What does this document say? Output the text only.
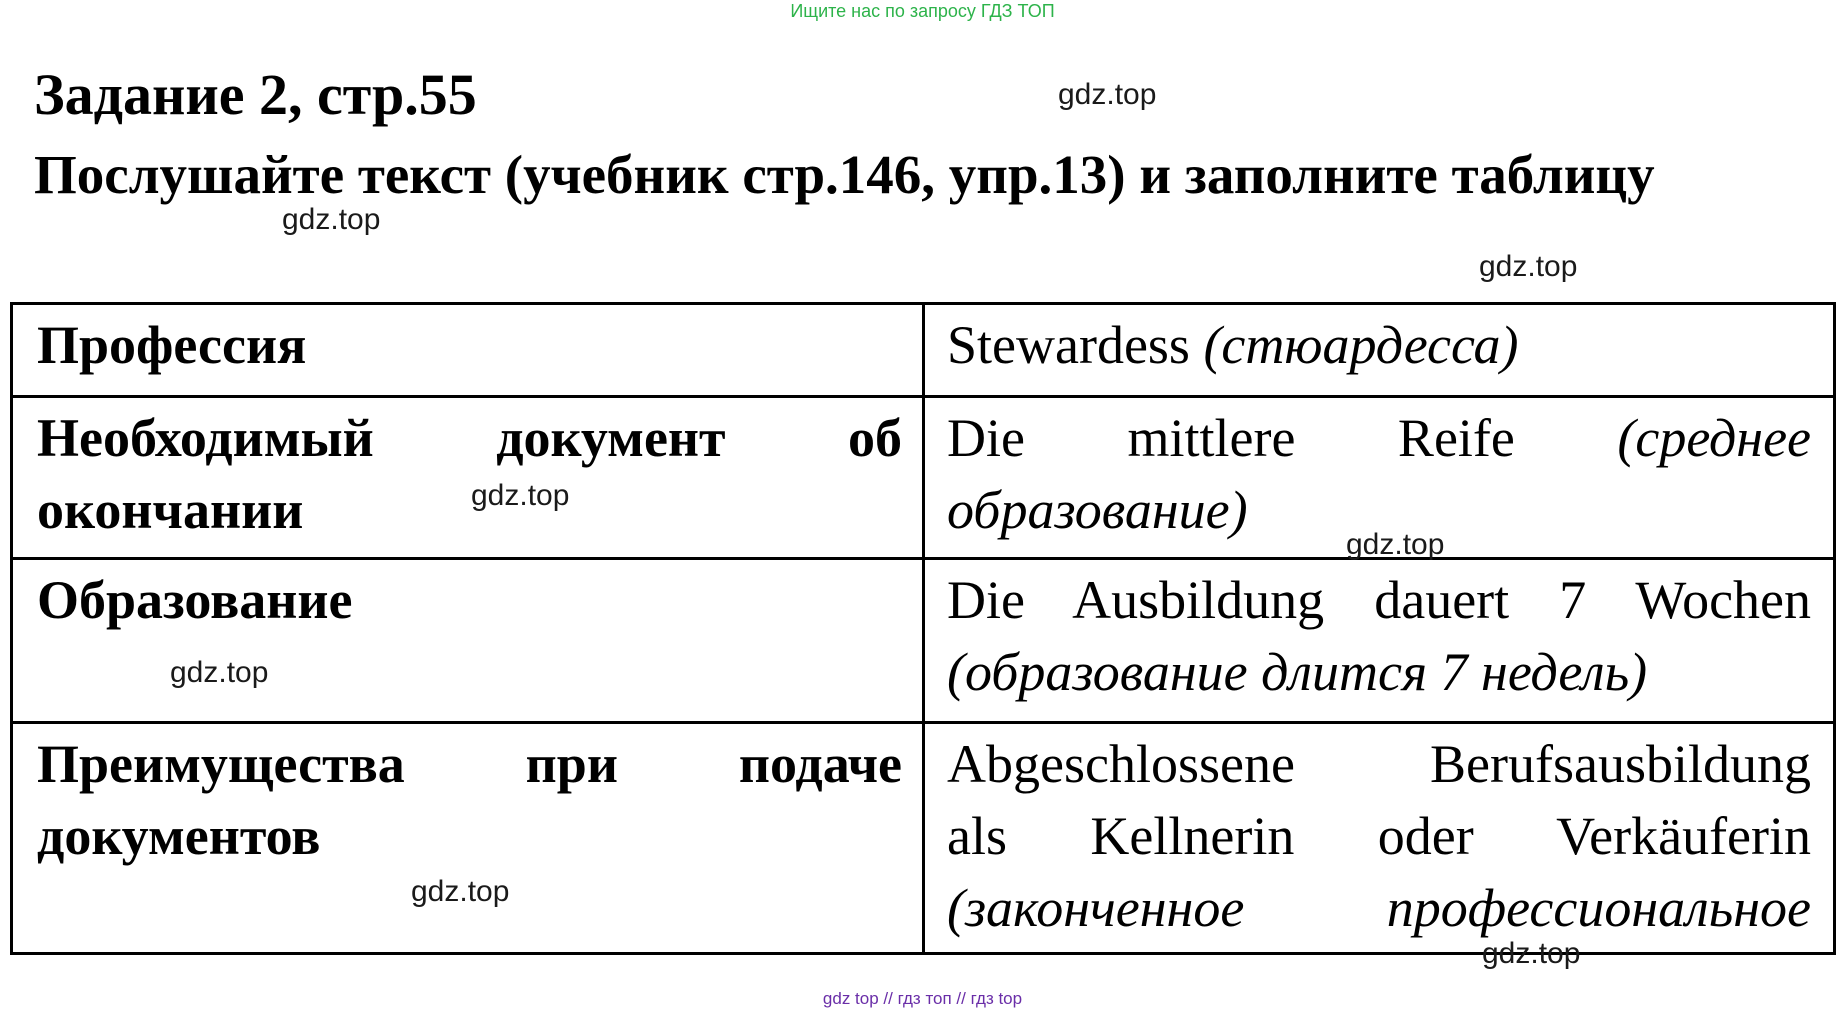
Ищите нас по запросу ГДЗ ТОП
Задание 2, стр.55
Послушайте текст (учебник стр.146, упр.13) и заполните таблицу
Профессия	Stewardess (стюардесса)
Необходимый документ об
окончании
Die mittlere Reife (среднее
образование)
Образование	Die Ausbildung dauert 7 Wochen
(образование длится 7 недель)
Преимущества при подаче
документов
Abgeschlossene Berufsausbildung
als Kellnerin oder Verkäuferin
(законченное профессиональное
gdz.top
gdz.top
gdz.top
gdz.top
gdz.top
gdz.top
gdz.top
gdz.top
gdz top // гдз топ // гдз top
